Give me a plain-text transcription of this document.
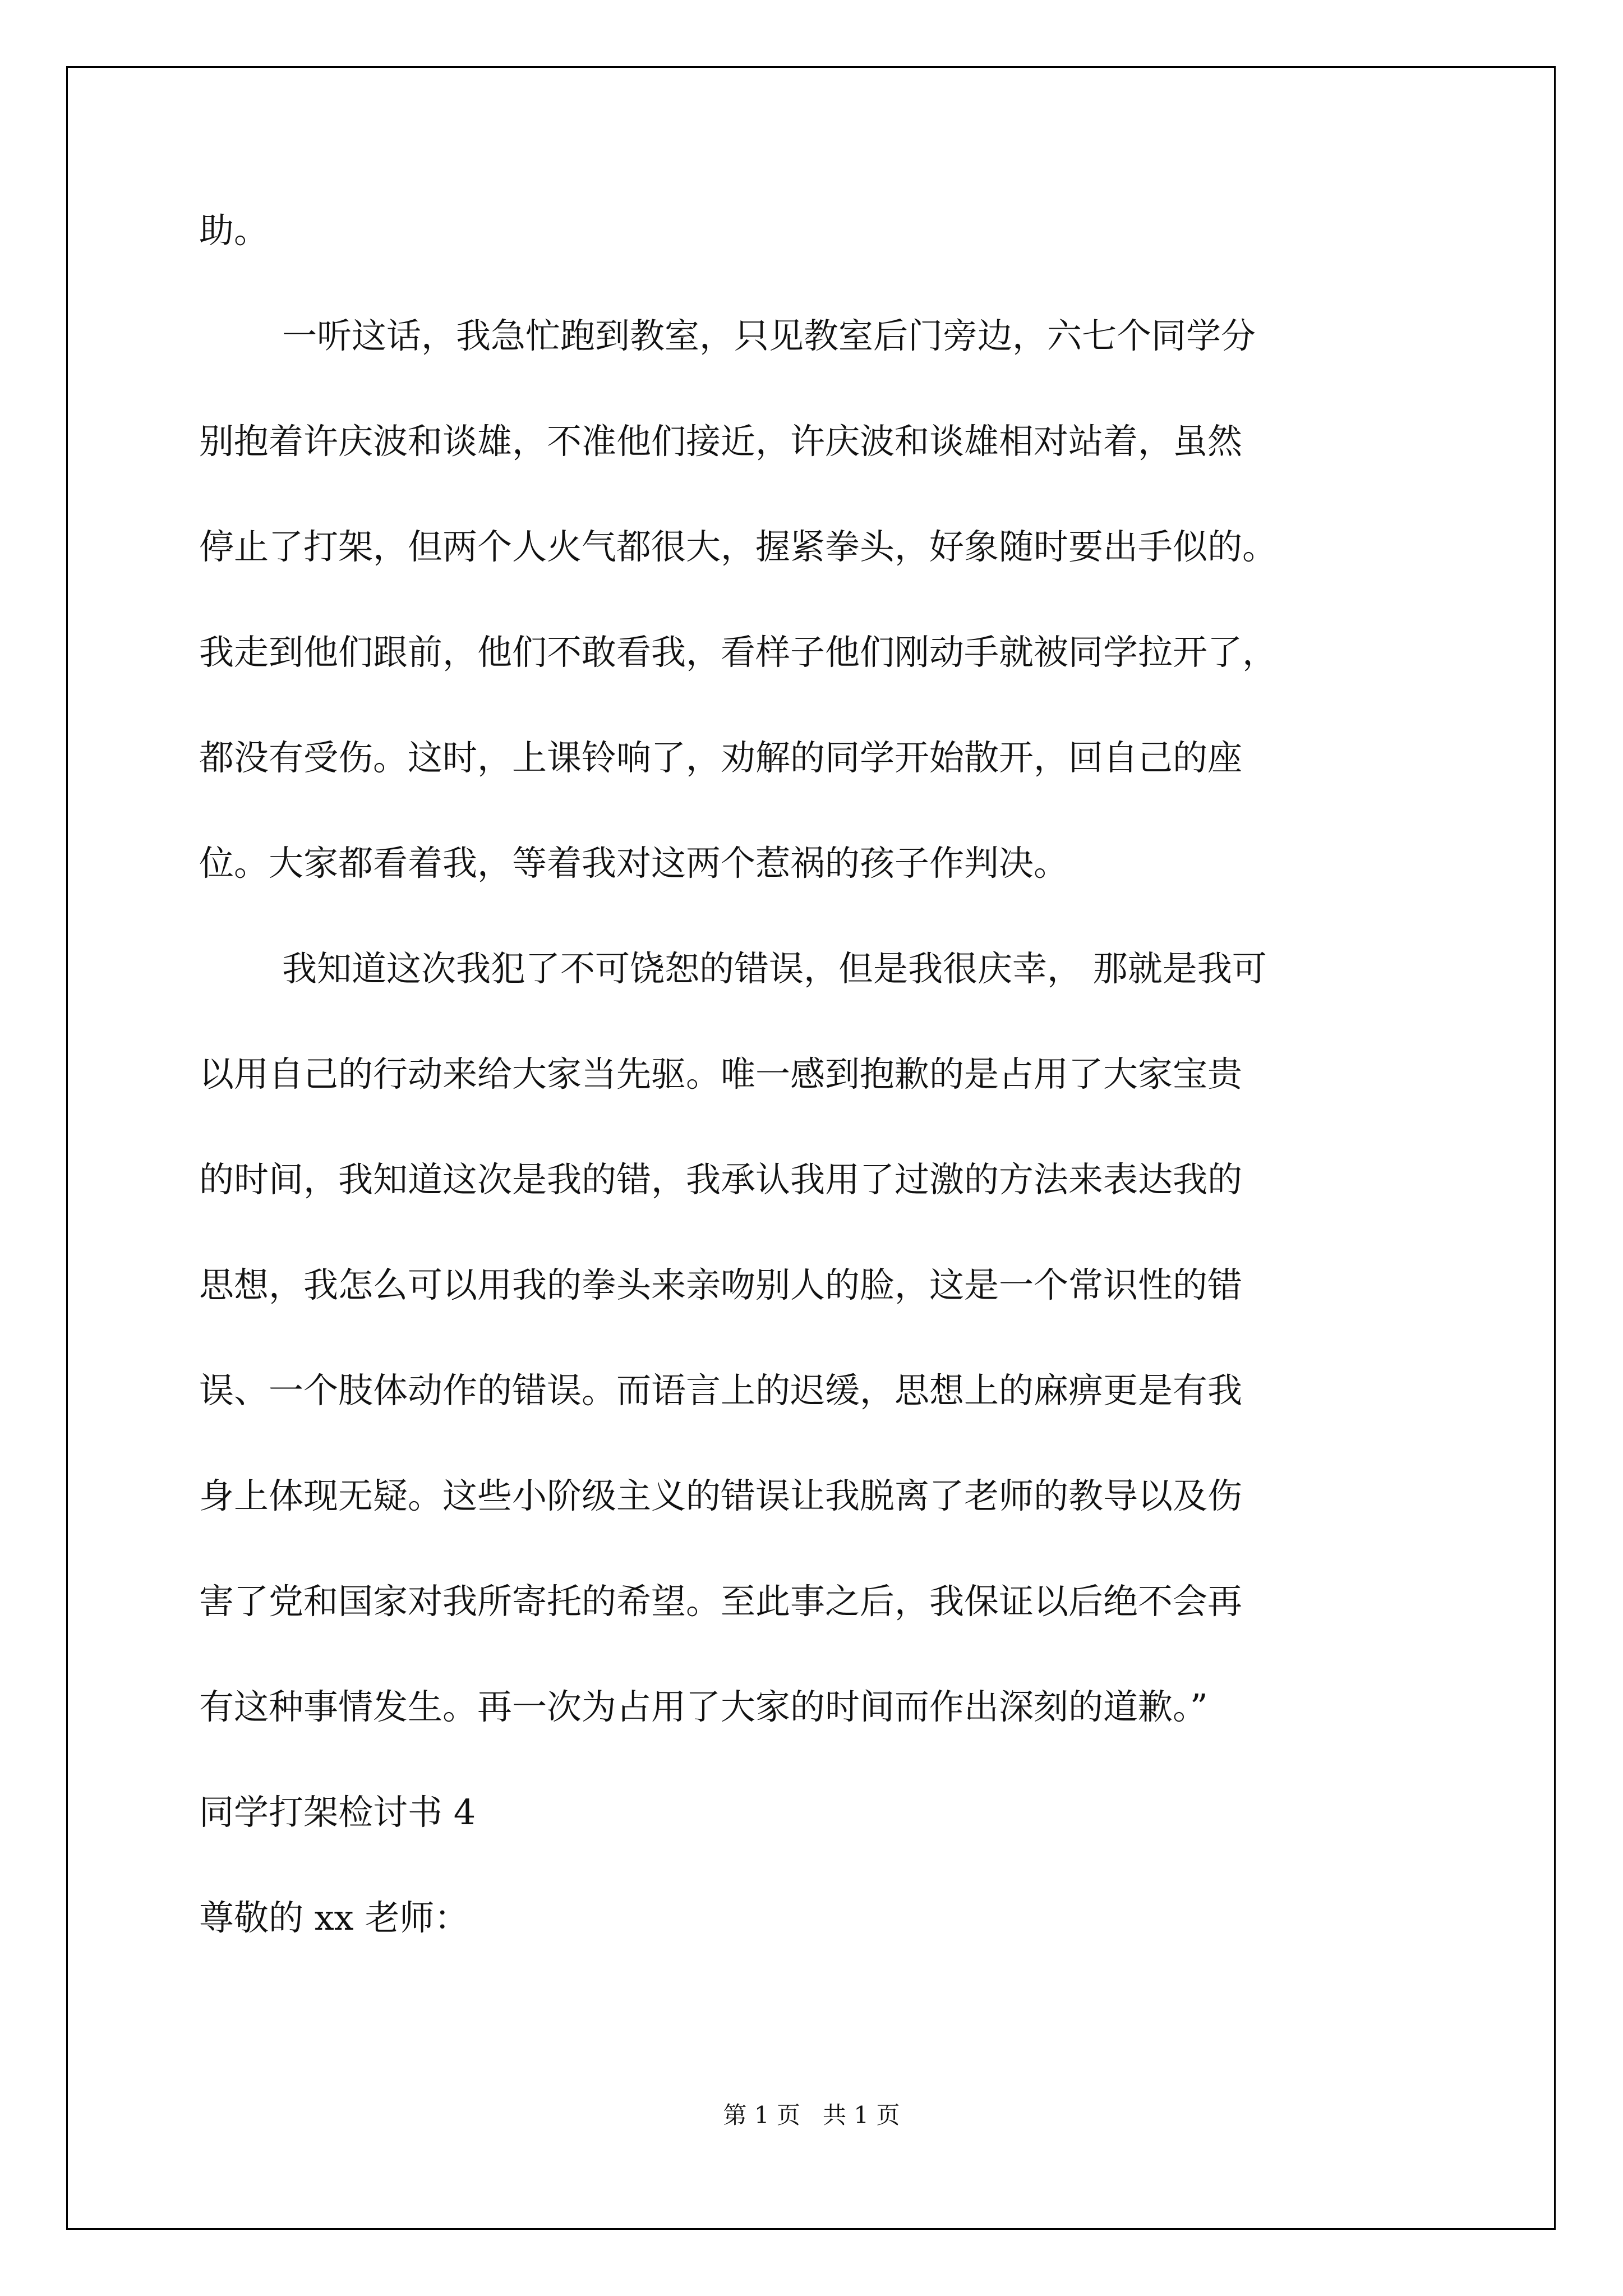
助。
一听这话，我急忙跑到教室，只见教室后门旁边，六七个同学分
别抱着许庆波和谈雄，不准他们接近，许庆波和谈雄相对站着，虽然
停止了打架，但两个人火气都很大，握紧拳头，好象随时要出手似的。
我走到他们跟前，他们不敢看我，看样子他们刚动手就被同学拉开了，
都没有受伤。这时，上课铃响了，劝解的同学开始散开，回自己的座
位。大家都看着我，等着我对这两个惹祸的孩子作判决。
我知道这次我犯了不可饶恕的错误，但是我很庆幸， 那就是我可
以用自己的行动来给大家当先驱。唯一感到抱歉的是占用了大家宝贵
的时间，我知道这次是我的错，我承认我用了过激的方法来表达我的
思想，我怎么可以用我的拳头来亲吻别人的脸，这是一个常识性的错
误、一个肢体动作的错误。而语言上的迟缓，思想上的麻痹更是有我
身上体现无疑。这些小阶级主义的错误让我脱离了老师的教导以及伤
害了党和国家对我所寄托的希望。至此事之后，我保证以后绝不会再
有这种事情发生。再一次为占用了大家的时间而作出深刻的道歉。”
同学打架检讨书 4
尊敬的 xx 老师：
第 1 页   共 1 页
